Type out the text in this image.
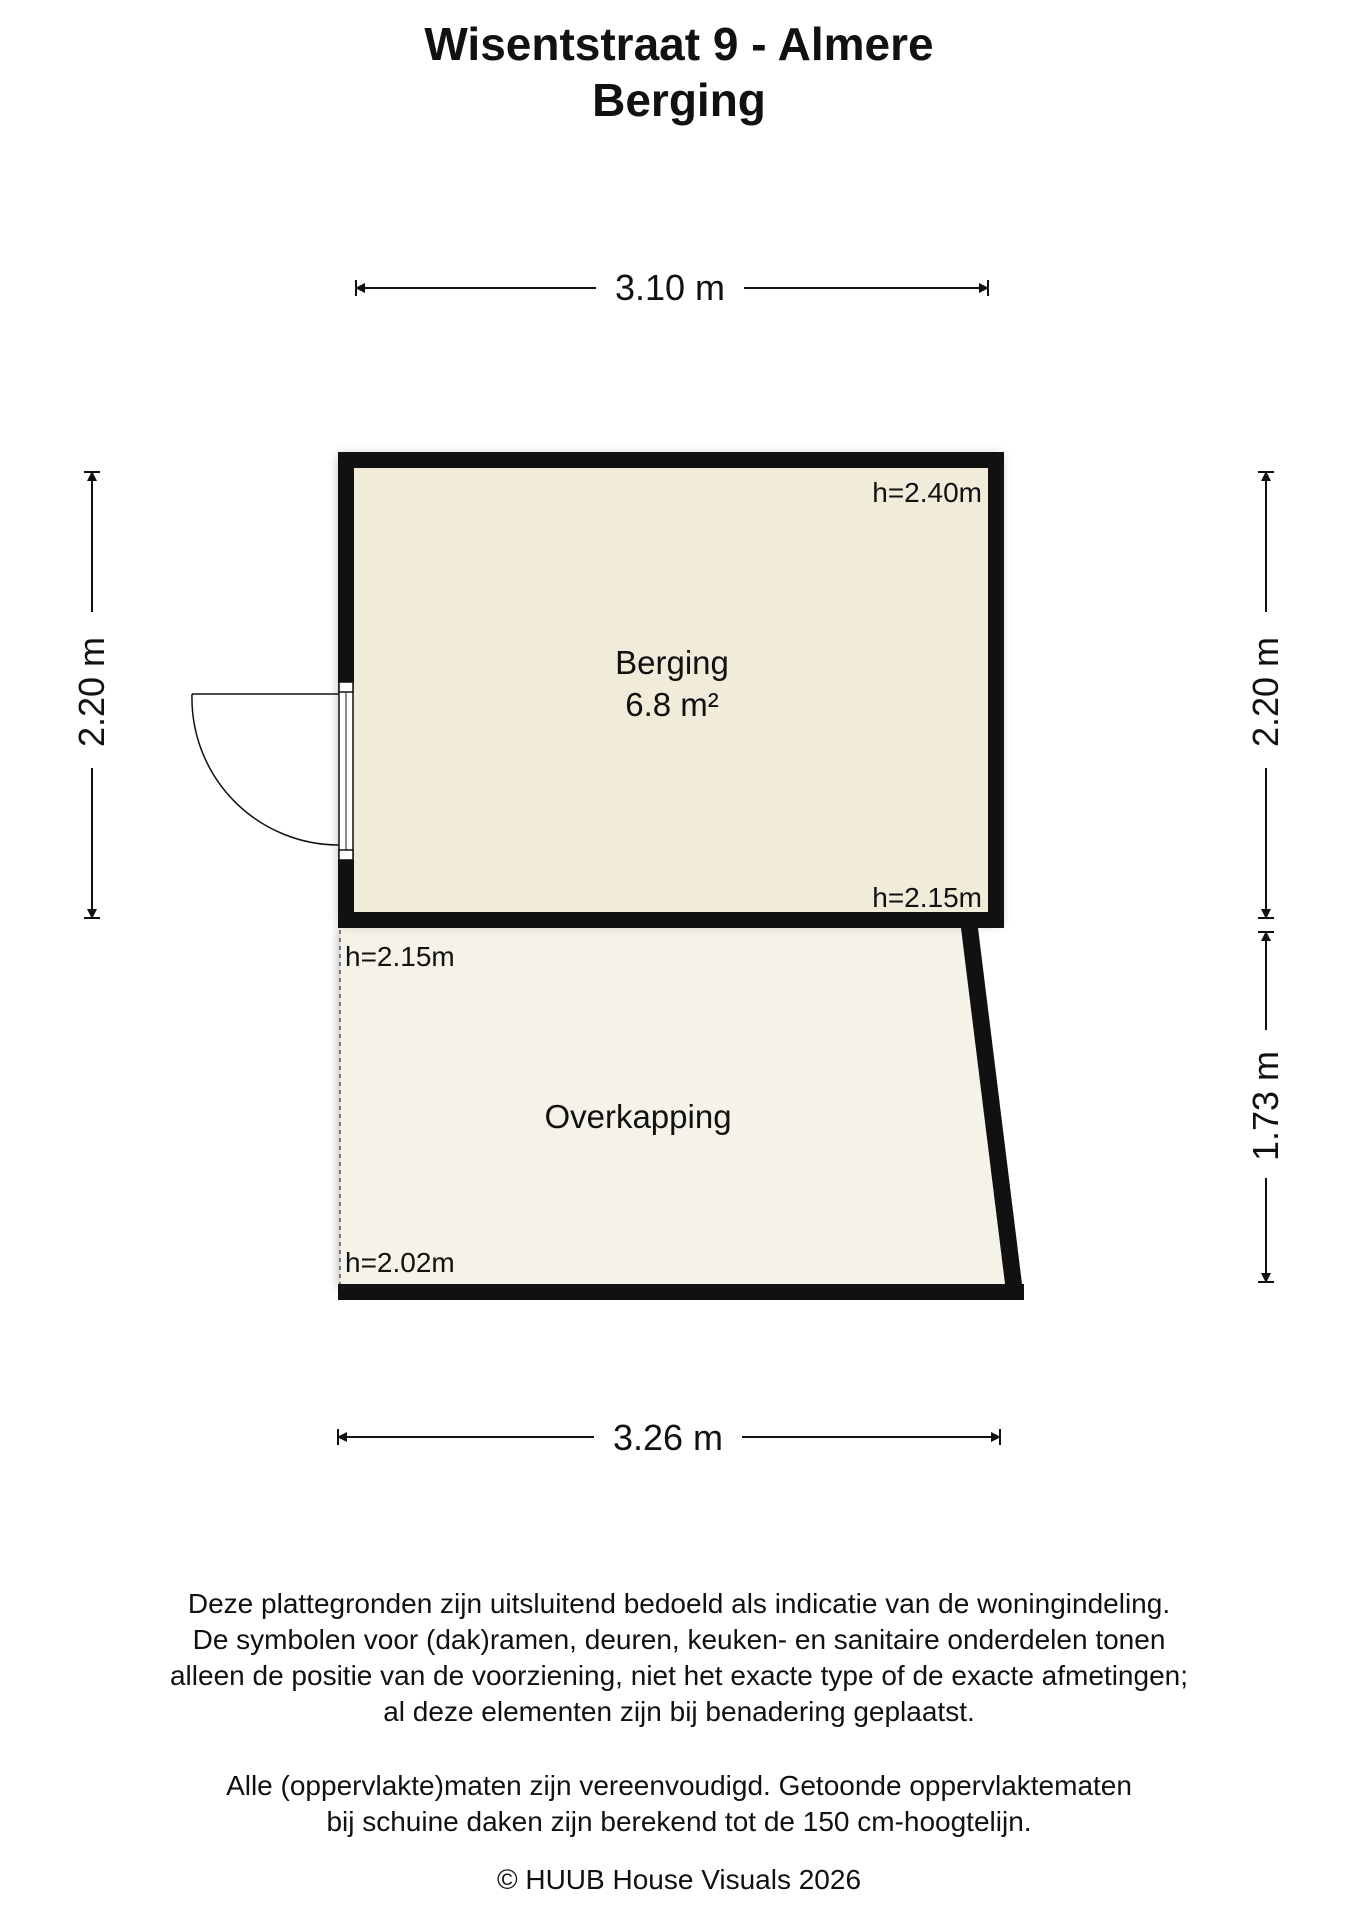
Wisentstraat 9 - Almere
Berging
Berging
6.8 m²
Overkapping
h=2.40m
h=2.15m
h=2.15m
h=2.02m
3.10 m
3.26 m
2.20 m	2.20 m
1.73 m
Deze plattegronden zijn uitsluitend bedoeld als indicatie van de woningindeling.
De symbolen voor (dak)ramen, deuren, keuken- en sanitaire onderdelen tonen
alleen de positie van de voorziening, niet het exacte type of de exacte afmetingen;
al deze elementen zijn bij benadering geplaatst.
Alle (oppervlakte)maten zijn vereenvoudigd. Getoonde oppervlaktematen
bij schuine daken zijn berekend tot de 150 cm-hoogtelijn.
© HUUB House Visuals 2026
